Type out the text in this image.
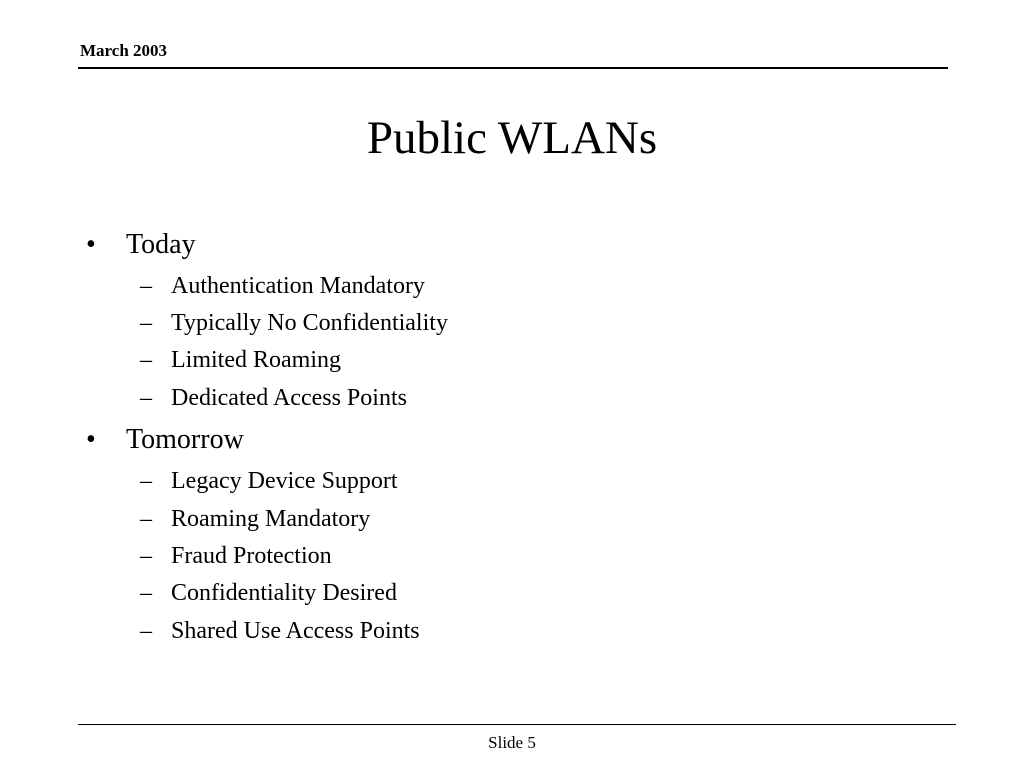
March 2003
Public WLANs
•	Today
– Authentication Mandatory
– Typically No Confidentiality
– Limited Roaming
– Dedicated Access Points
•	Tomorrow
– Legacy Device Support
– Roaming Mandatory
– Fraud Protection
– Confidentiality Desired
– Shared Use Access Points
Slide 5
